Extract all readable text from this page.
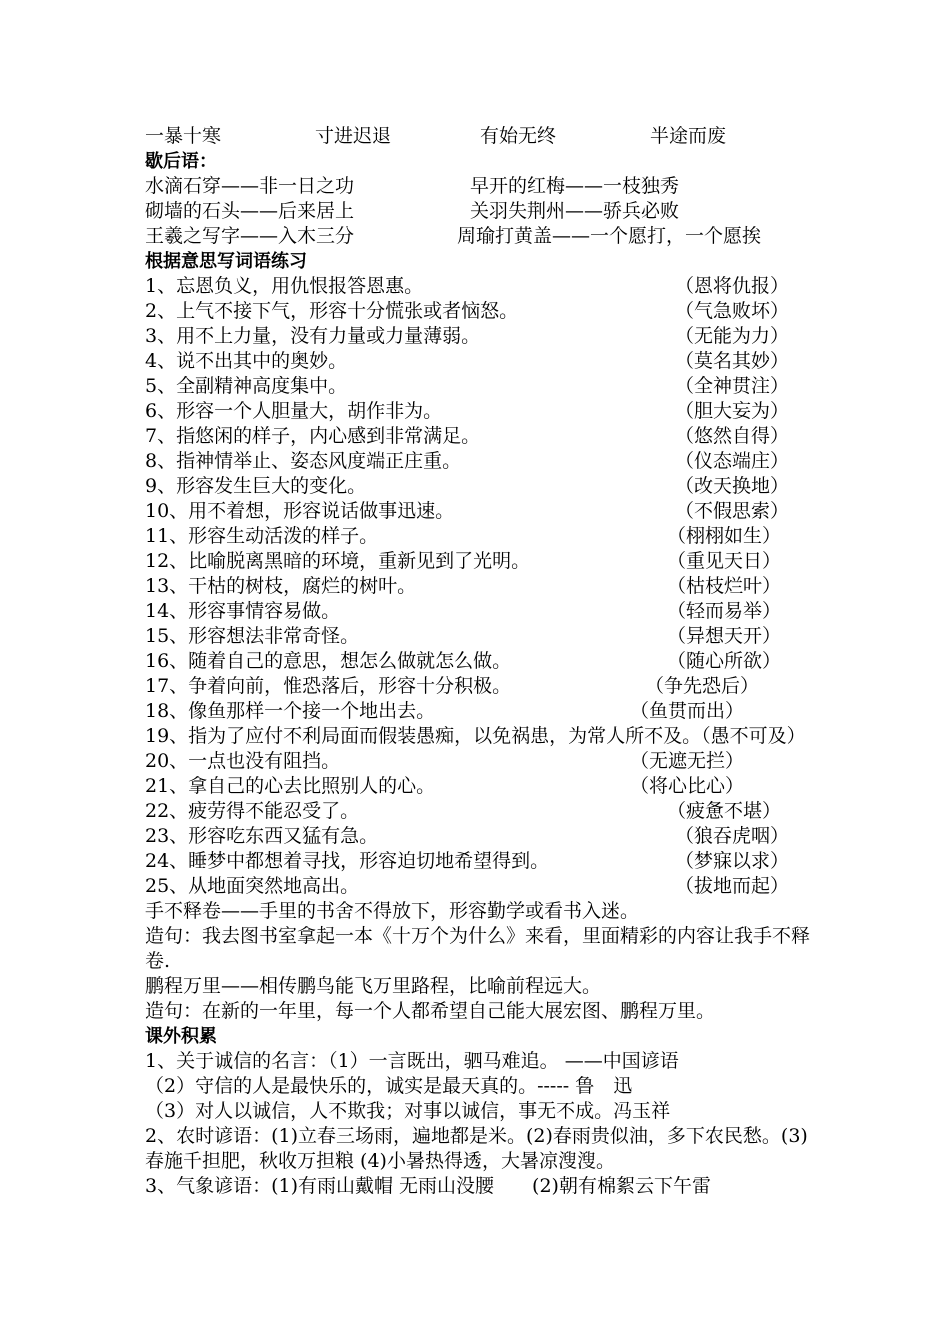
一暴十寒	寸进迟退	有始无终	半途而废
歇后语：
水滴石穿——非一日之功	早开的红梅——一枝独秀
砌墙的石头——后来居上	关羽失荆州——骄兵必败
王羲之写字——入木三分	周瑜打黄盖——一个愿打，一个愿挨
根据意思写词语练习
1、忘恩负义，用仇恨报答恩惠。	（恩将仇报）
2、上气不接下气，形容十分慌张或者恼怒。	（气急败坏）
3、用不上力量，没有力量或力量薄弱。	（无能为力）
4、说不出其中的奥妙。	（莫名其妙）
5、全副精神高度集中。	（全神贯注）
6、形容一个人胆量大，胡作非为。	（胆大妄为）
7、指悠闲的样子，内心感到非常满足。	（悠然自得）
8、指神情举止、姿态风度端正庄重。	（仪态端庄）
9、形容发生巨大的变化。	（改天换地）
10、用不着想，形容说话做事迅速。	（不假思索）
11、形容生动活泼的样子。	（栩栩如生）
12、比喻脱离黑暗的环境，重新见到了光明。	（重见天日）
13、干枯的树枝，腐烂的树叶。	（枯枝烂叶）
14、形容事情容易做。	（轻而易举）
15、形容想法非常奇怪。	（异想天开）
16、随着自己的意思，想怎么做就怎么做。	（随心所欲）
17、争着向前，惟恐落后，形容十分积极。	（争先恐后）
18、像鱼那样一个接一个地出去。	（鱼贯而出）
19、指为了应付不利局面而假装愚痴，以免祸患，为常人所不及。（愚不可及）
20、一点也没有阻挡。	（无遮无拦）
21、拿自己的心去比照别人的心。	（将心比心）
22、疲劳得不能忍受了。	（疲惫不堪）
23、形容吃东西又猛有急。	（狼吞虎咽）
24、睡梦中都想着寻找，形容迫切地希望得到。	（梦寐以求）
25、从地面突然地高出。	（拔地而起）
手不释卷——手里的书舍不得放下，形容勤学或看书入迷。
造句：我去图书室拿起一本《十万个为什么》来看，里面精彩的内容让我手不释卷.
鹏程万里——相传鹏鸟能飞万里路程，比喻前程远大。
造句：在新的一年里，每一个人都希望自己能大展宏图、鹏程万里。
课外积累
1、关于诚信的名言：（1）一言既出，驷马难追。 ——中国谚语
（2）守信的人是最快乐的，诚实是最天真的。----- 鲁　迅
（3）对人以诚信，人不欺我；对事以诚信，事无不成。冯玉祥
2、农时谚语：(1)立春三场雨，遍地都是米。(2)春雨贵似油，多下农民愁。(3)春施千担肥，秋收万担粮 (4)小暑热得透，大暑凉溲溲。
3、气象谚语：(1)有雨山戴帽 无雨山没腰　　(2)朝有棉絮云下午雷
